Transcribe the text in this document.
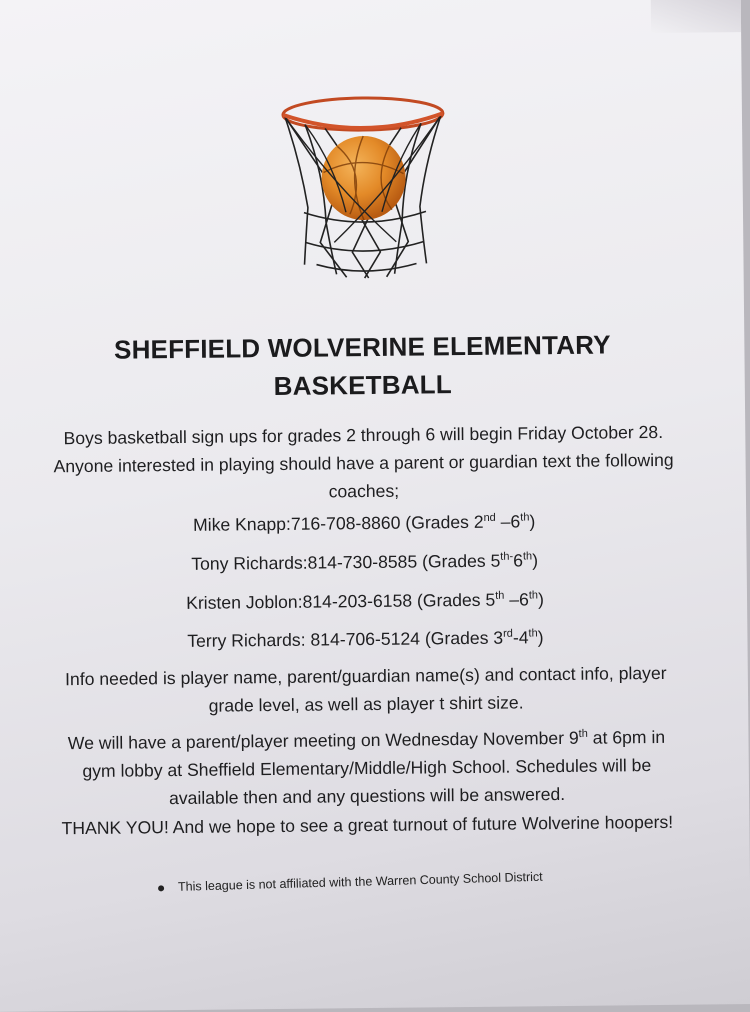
SHEFFIELD WOLVERINE ELEMENTARY
BASKETBALL
Boys basketball sign ups for grades 2 through 6 will begin Friday October 28. Anyone interested in playing should have a parent or guardian text the following coaches;
Mike Knapp:716-708-8860 (Grades 2nd –6th)
Tony Richards:814-730-8585 (Grades $5^{th-}6th$)
Kristen Joblon:814-203-6158 (Grades 5th –6th)
Terry Richards: 814-706-5124 (Grades 3rd-4th)
Info needed is player name, parent/guardian name(s) and contact info, player grade level, as well as player t shirt size.
We will have a parent/player meeting on Wednesday November 9th at 6pm in gym lobby at Sheffield Elementary/Middle/High School. Schedules will be available then and any questions will be answered.
THANK YOU! And we hope to see a great turnout of future Wolverine hoopers!
This league is not affiliated with the Warren County School District
